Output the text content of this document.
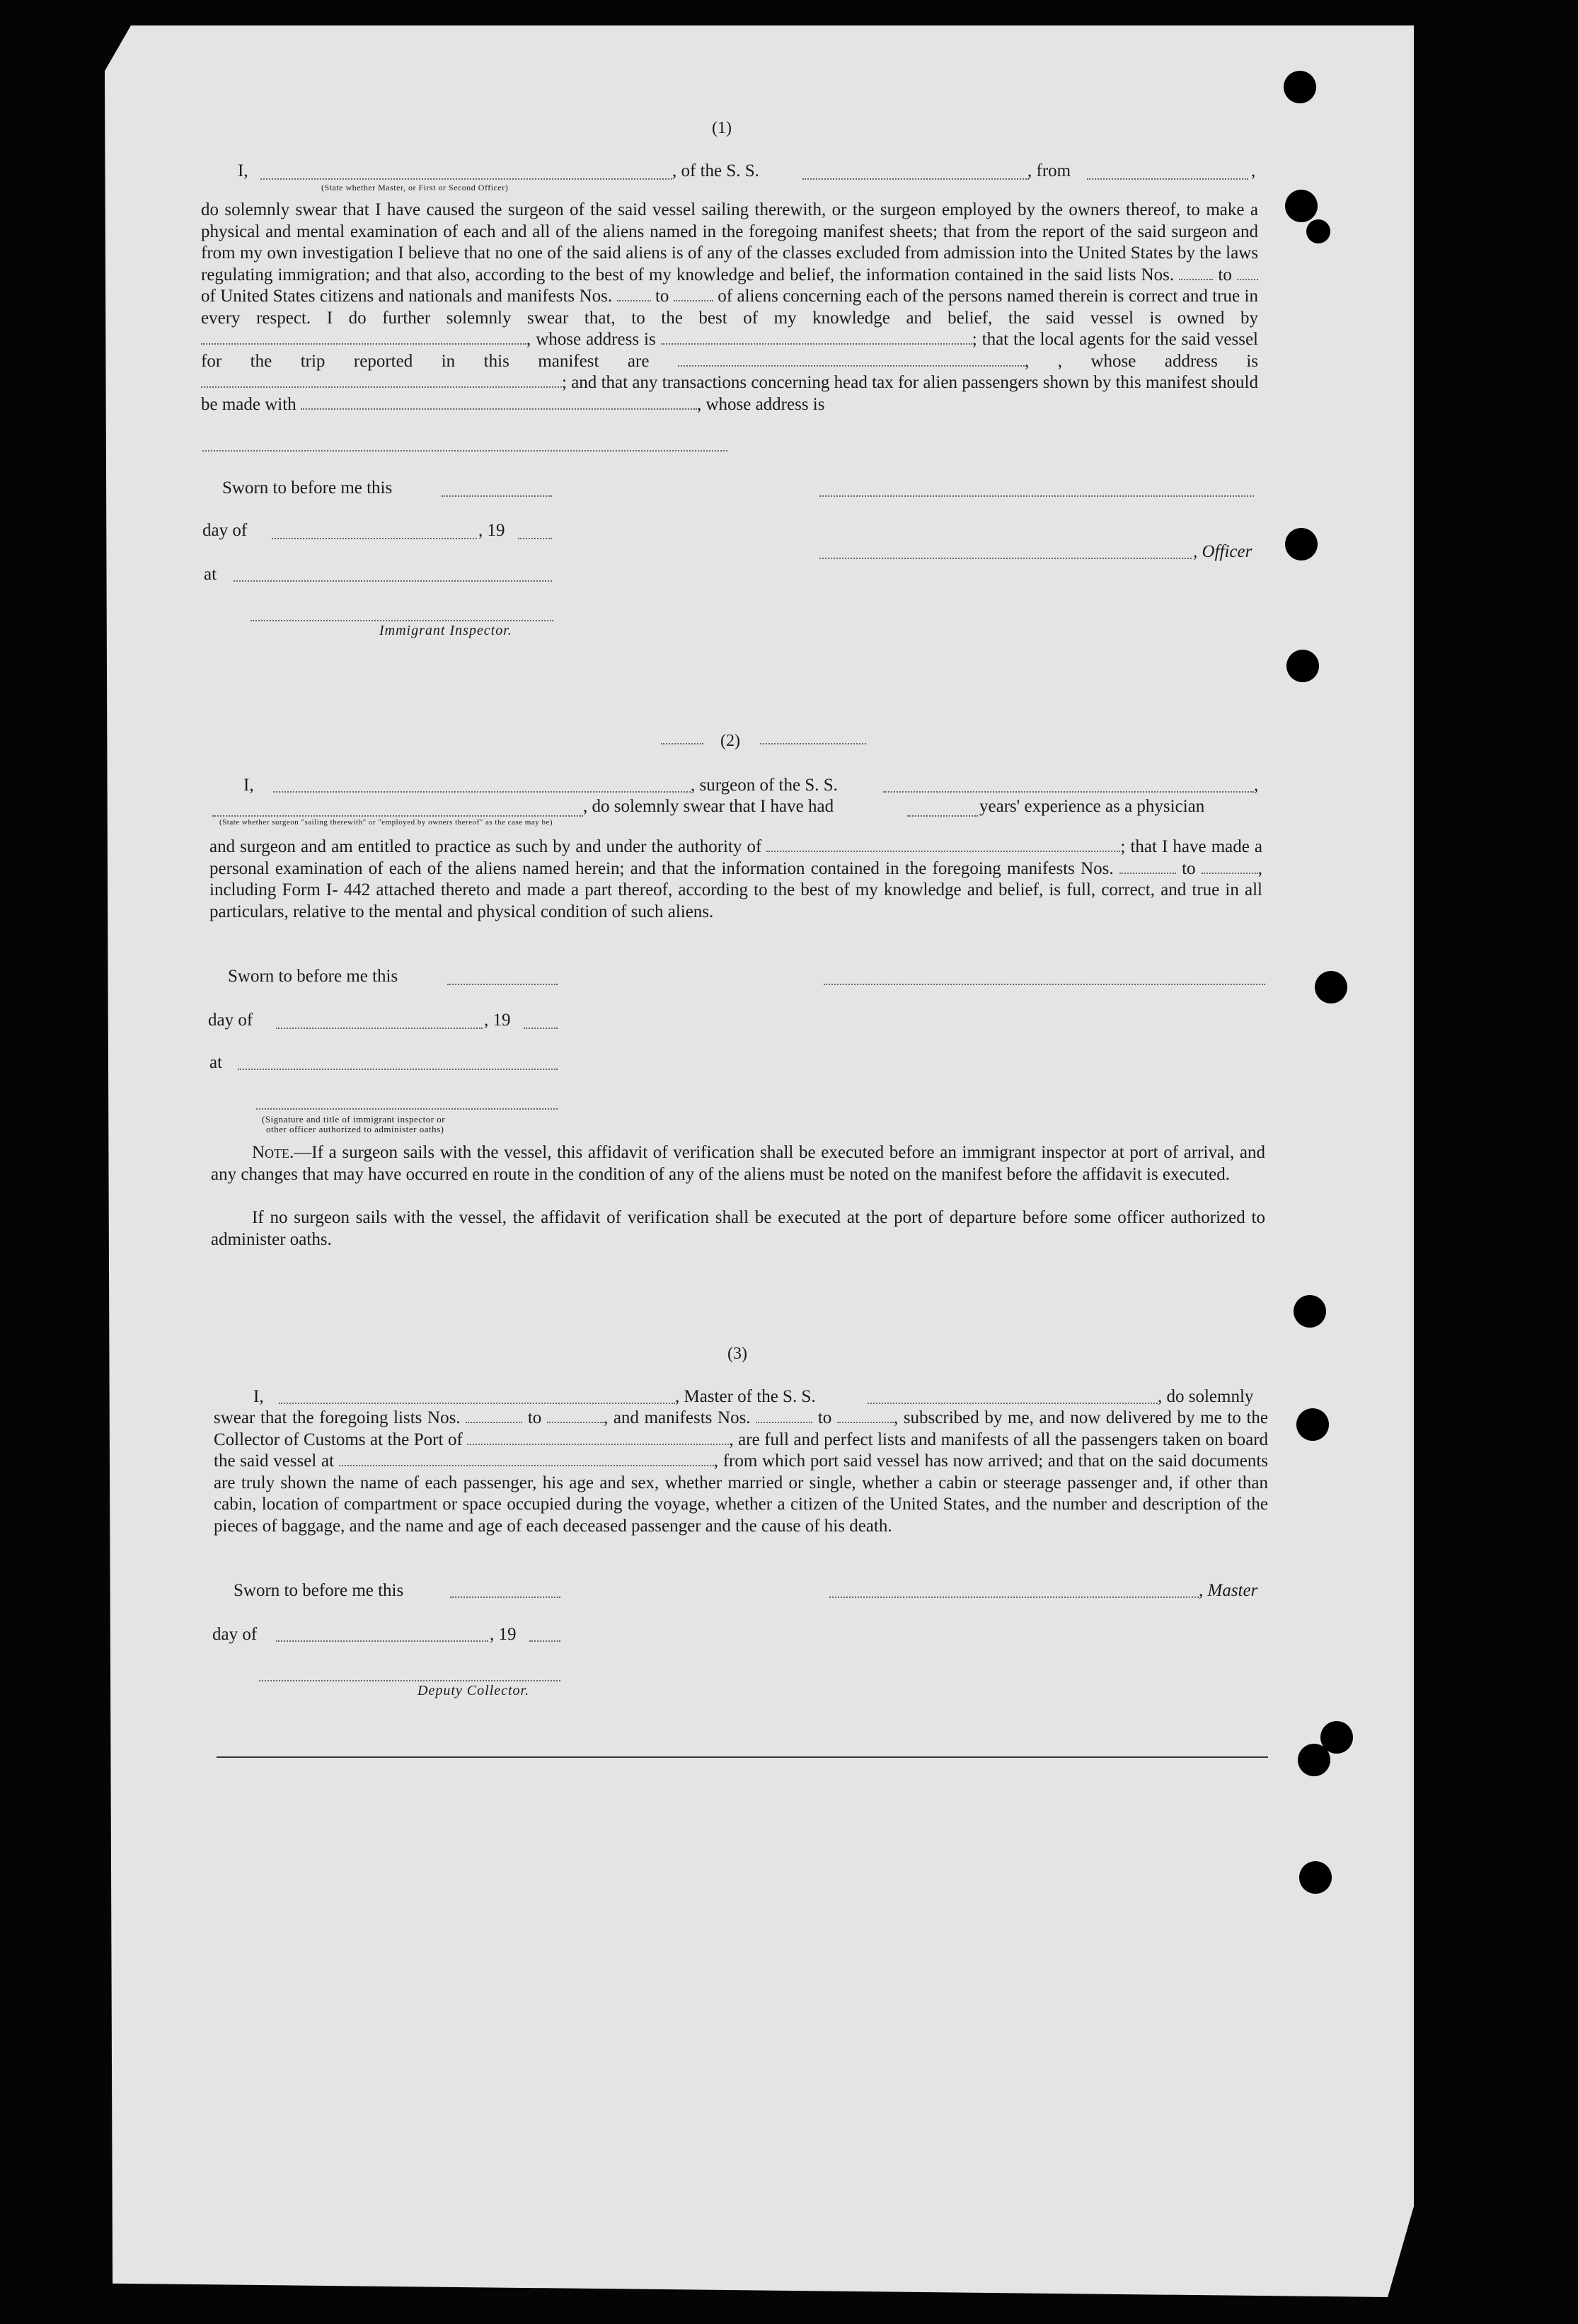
(1)
I,	, of the S. S.	, from	,
(State whether Master, or First or Second Officer)
do solemnly swear that I have caused the surgeon of the said vessel sailing therewith, or the surgeon employed by the owners thereof, to make a physical and mental examination of each and all of the aliens named in the foregoing manifest sheets; that from the report of the said surgeon and from my own investigation I believe that no one of the said aliens is of any of the classes excluded from admission into the United States by the laws regulating immigration; and that also, according to the best of my knowledge and belief, the information contained in the said lists Nos. to  of United States citizens and nationals and manifests Nos. to	of aliens concerning each of the persons named therein is correct and true in every respect. I do further solemnly swear that, to the best of my knowledge and belief, the said vessel is owned by , whose address is	; that the local agents for the said vessel for the trip reported in this manifest are	, , whose address is ; and that any transactions concerning head tax for alien passengers shown by this manifest should be made with	, whose address is
Sworn to before me this
day of	, 19
, Officer
at
Immigrant Inspector.
(2)
I,	, surgeon of the S. S.	,
, do solemnly swear that I have had	years' experience as a physician
(State whether surgeon "sailing therewith" or "employed by owners thereof" as the case may be)
and surgeon and am entitled to practice as such by and under the authority of	; that I have made a personal examination of each of the aliens named herein; and that the information contained in the foregoing manifests Nos.	to	, including Form I- 442 attached thereto and made a part thereof, according to the best of my knowledge and belief, is full, correct, and true in all particulars, relative to the mental and physical condition of such aliens.
Sworn to before me this
day of	, 19
at
(Signature and title of immigrant inspector or
other officer authorized to administer oaths)
Note.—If a surgeon sails with the vessel, this affidavit of verification shall be executed before an immigrant inspector at port of arrival, and any changes that may have occurred en route in the condition of any of the aliens must be noted on the manifest before the affidavit is executed.
If no surgeon sails with the vessel, the affidavit of verification shall be executed at the port of departure before some officer authorized to administer oaths.
(3)
I,	, Master of the S. S.	, do solemnly
swear that the foregoing lists Nos.	to	, and manifests Nos.	to	, subscribed by me, and now delivered by me to the Collector of Customs at the Port of	, are full and perfect lists and manifests of all the passengers taken on board the said vessel at	, from which port said vessel has now arrived; and that on the said documents are truly shown the name of each passenger, his age and sex, whether married or single, whether a cabin or steerage passenger and, if other than cabin, location of compartment or space occupied during the voyage, whether a citizen of the United States, and the number and description of the pieces of baggage, and the name and age of each deceased passenger and the cause of his death.
Sworn to before me this	, Master
day of	, 19
Deputy Collector.
